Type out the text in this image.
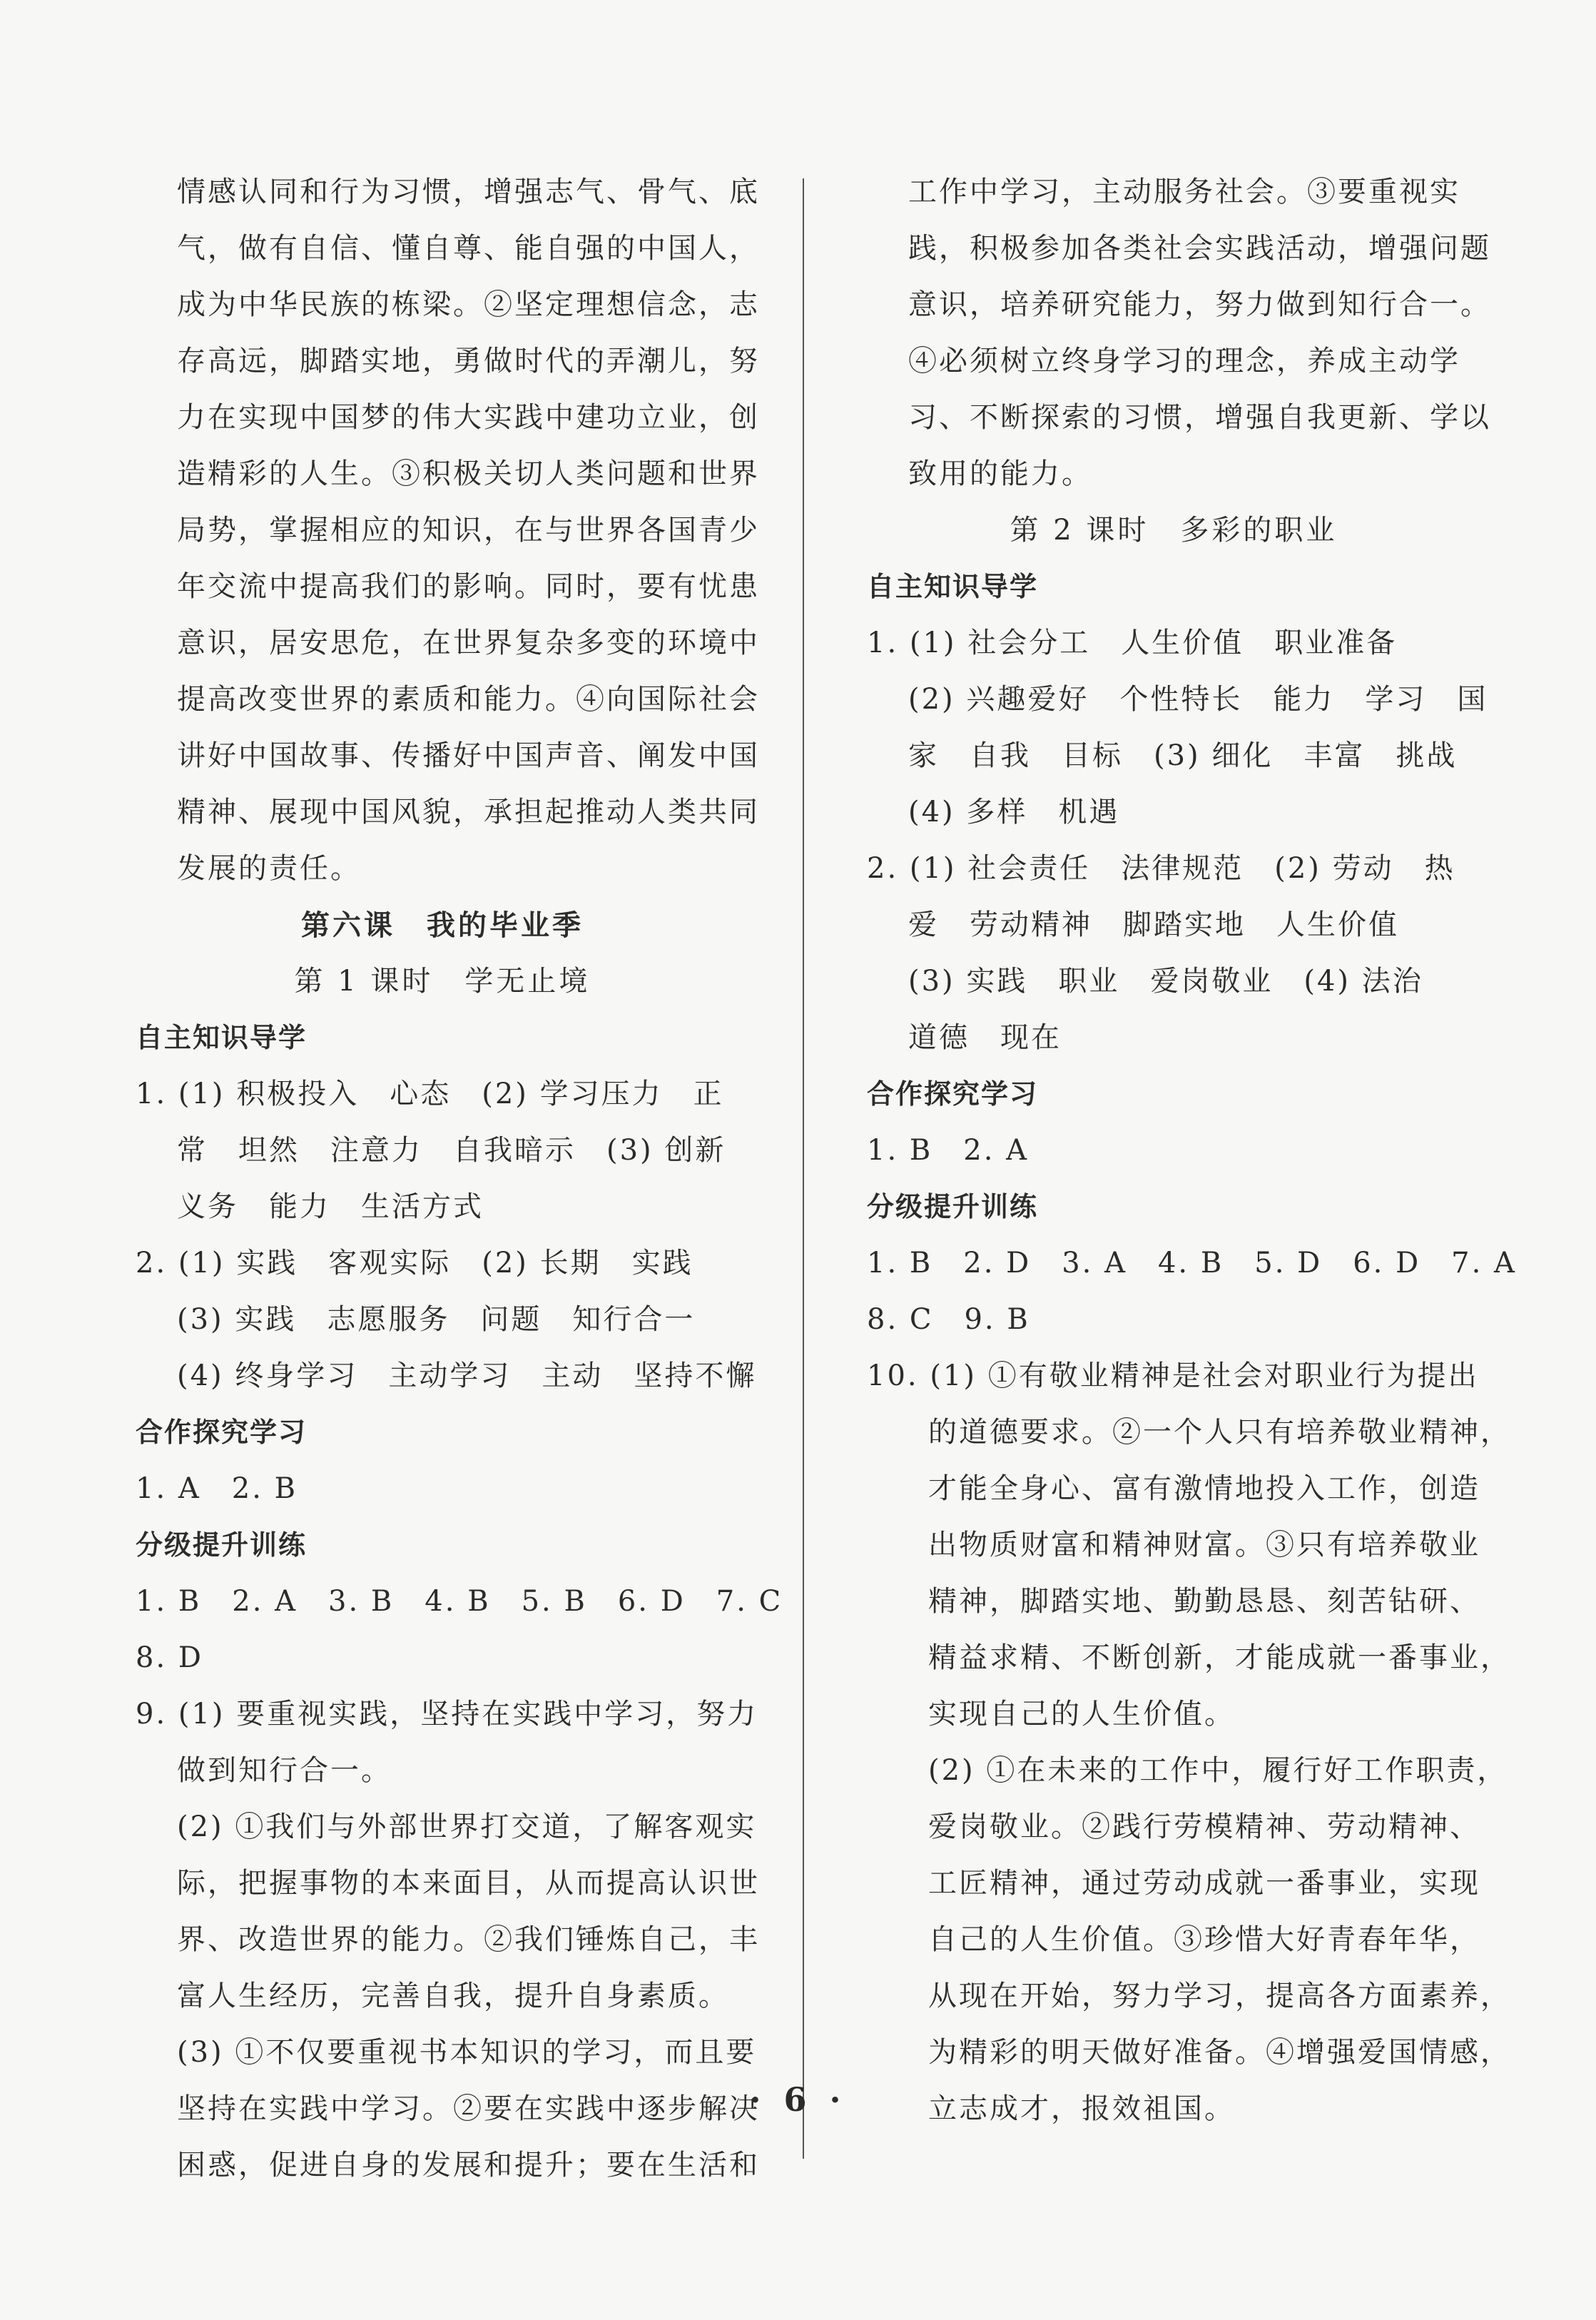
情感认同和行为习惯，增强志气、骨气、底
气，做有自信、懂自尊、能自强的中国人，
成为中华民族的栋梁。②坚定理想信念，志
存高远，脚踏实地，勇做时代的弄潮儿，努
力在实现中国梦的伟大实践中建功立业，创
造精彩的人生。③积极关切人类问题和世界
局势，掌握相应的知识，在与世界各国青少
年交流中提高我们的影响。同时，要有忧患
意识，居安思危，在世界复杂多变的环境中
提高改变世界的素质和能力。④向国际社会
讲好中国故事、传播好中国声音、阐发中国
精神、展现中国风貌，承担起推动人类共同
发展的责任。
第六课　我的毕业季
第 1 课时　学无止境
自主知识导学
1. (1) 积极投入　心态　(2) 学习压力　正
常　坦然　注意力　自我暗示　(3) 创新
义务　能力　生活方式
2. (1) 实践　客观实际　(2) 长期　实践
(3) 实践　志愿服务　问题　知行合一
(4) 终身学习　主动学习　主动　坚持不懈
合作探究学习
1. A　2. B
分级提升训练
1. B　2. A　3. B　4. B　5. B　6. D　7. C
8. D
9. (1) 要重视实践，坚持在实践中学习，努力
做到知行合一。
(2) ①我们与外部世界打交道，了解客观实
际，把握事物的本来面目，从而提高认识世
界、改造世界的能力。②我们锤炼自己，丰
富人生经历，完善自我，提升自身素质。
(3) ①不仅要重视书本知识的学习，而且要
坚持在实践中学习。②要在实践中逐步解决
困惑，促进自身的发展和提升；要在生活和
工作中学习，主动服务社会。③要重视实
践，积极参加各类社会实践活动，增强问题
意识，培养研究能力，努力做到知行合一。
④必须树立终身学习的理念，养成主动学
习、不断探索的习惯，增强自我更新、学以
致用的能力。
第 2 课时　多彩的职业
自主知识导学
1. (1) 社会分工　人生价值　职业准备
(2) 兴趣爱好　个性特长　能力　学习　国
家　自我　目标　(3) 细化　丰富　挑战
(4) 多样　机遇
2. (1) 社会责任　法律规范　(2) 劳动　热
爱　劳动精神　脚踏实地　人生价值
(3) 实践　职业　爱岗敬业　(4) 法治
道德　现在
合作探究学习
1. B　2. A
分级提升训练
1. B　2. D　3. A　4. B　5. D　6. D　7. A
8. C　9. B
10. (1) ①有敬业精神是社会对职业行为提出
的道德要求。②一个人只有培养敬业精神，
才能全身心、富有激情地投入工作，创造
出物质财富和精神财富。③只有培养敬业
精神，脚踏实地、勤勤恳恳、刻苦钻研、
精益求精、不断创新，才能成就一番事业，
实现自己的人生价值。
(2) ①在未来的工作中，履行好工作职责，
爱岗敬业。②践行劳模精神、劳动精神、
工匠精神，通过劳动成就一番事业，实现
自己的人生价值。③珍惜大好青春年华，
从现在开始，努力学习，提高各方面素养，
为精彩的明天做好准备。④增强爱国情感，
立志成才，报效祖国。
· 6 ·
